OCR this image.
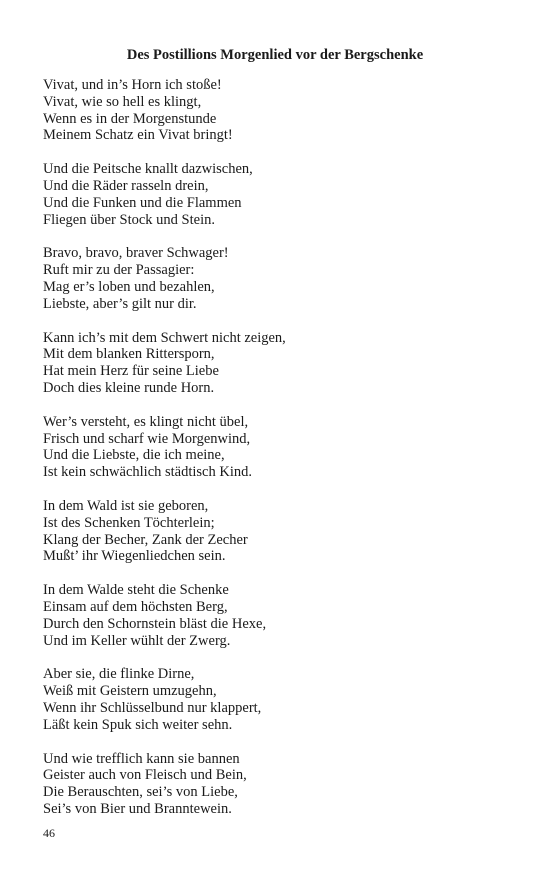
Des Postillions Morgenlied vor der Bergschenke
Vivat, und in’s Horn ich stoße!
Vivat, wie so hell es klingt,
Wenn es in der Morgenstunde
Meinem Schatz ein Vivat bringt!
Und die Peitsche knallt dazwischen,
Und die Räder rasseln drein,
Und die Funken und die Flammen
Fliegen über Stock und Stein.
Bravo, bravo, braver Schwager!
Ruft mir zu der Passagier:
Mag er’s loben und bezahlen,
Liebste, aber’s gilt nur dir.
Kann ich’s mit dem Schwert nicht zeigen,
Mit dem blanken Rittersporn,
Hat mein Herz für seine Liebe
Doch dies kleine runde Horn.
Wer’s versteht, es klingt nicht übel,
Frisch und scharf wie Morgenwind,
Und die Liebste, die ich meine,
Ist kein schwächlich städtisch Kind.
In dem Wald ist sie geboren,
Ist des Schenken Töchterlein;
Klang der Becher, Zank der Zecher
Mußt’ ihr Wiegenliedchen sein.
In dem Walde steht die Schenke
Einsam auf dem höchsten Berg,
Durch den Schornstein bläst die Hexe,
Und im Keller wühlt der Zwerg.
Aber sie, die flinke Dirne,
Weiß mit Geistern umzugehn,
Wenn ihr Schlüsselbund nur klappert,
Läßt kein Spuk sich weiter sehn.
Und wie trefflich kann sie bannen
Geister auch von Fleisch und Bein,
Die Berauschten, sei’s von Liebe,
Sei’s von Bier und Branntewein.
46
